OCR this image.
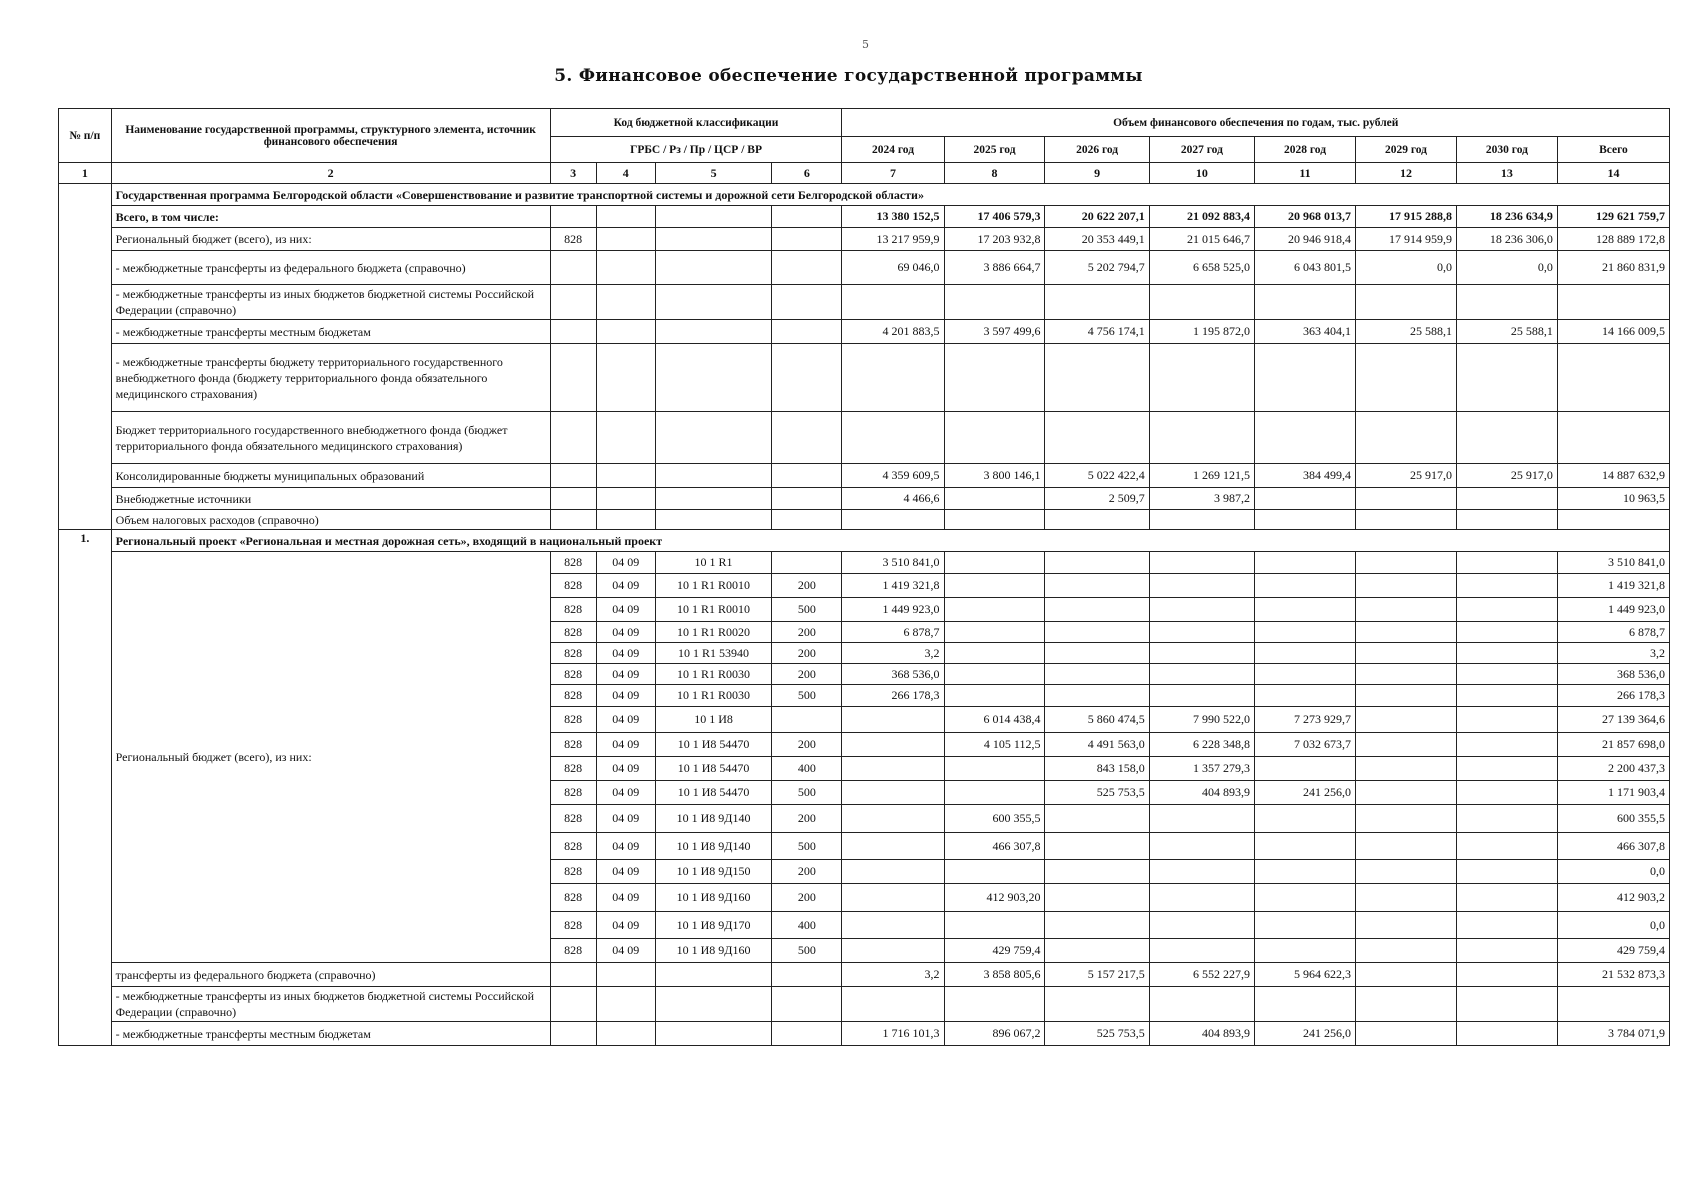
5
5. Финансовое обеспечение государственной программы
№ п/п	Наименование государственной программы, структурного элемента, источник финансового обеспечения	Код бюджетной классификации				Объем финансового обеспечения по годам, тыс. рублей							
		ГРБС / Рз / Пр / ЦСР / ВР				2024 год	2025 год	2026 год	2027 год	2028 год	2029 год	2030 год	Всего
1	2	3	4	5	6	7	8	9	10	11	12	13	14
	Государственная программа Белгородской области «Совершенствование и развитие транспортной системы и дорожной сети Белгородской области»												
	Всего, в том числе:					13 380 152,5	17 406 579,3	20 622 207,1	21 092 883,4	20 968 013,7	17 915 288,8	18 236 634,9	129 621 759,7
	Региональный бюджет (всего), из них:	828				13 217 959,9	17 203 932,8	20 353 449,1	21 015 646,7	20 946 918,4	17 914 959,9	18 236 306,0	128 889 172,8
	- межбюджетные трансферты из федерального бюджета (справочно)					69 046,0	3 886 664,7	5 202 794,7	6 658 525,0	6 043 801,5	0,0	0,0	21 860 831,9
	- межбюджетные трансферты из иных бюджетов бюджетной системы Российской Федерации (справочно)												
	- межбюджетные трансферты местным бюджетам					4 201 883,5	3 597 499,6	4 756 174,1	1 195 872,0	363 404,1	25 588,1	25 588,1	14 166 009,5
	- межбюджетные трансферты бюджету территориального государственного внебюджетного фонда (бюджету территориального фонда обязательного медицинского страхования)												
	Бюджет территориального государственного внебюджетного фонда (бюджет территориального фонда обязательного медицинского страхования)												
	Консолидированные бюджеты муниципальных образований					4 359 609,5	3 800 146,1	5 022 422,4	1 269 121,5	384 499,4	25 917,0	25 917,0	14 887 632,9
	Внебюджетные источники					4 466,6		2 509,7	3 987,2				10 963,5
	Объем налоговых расходов (справочно)												
1.	Региональный проект «Региональная и местная дорожная сеть», входящий в национальный проект												
	Региональный бюджет (всего), из них:	828	04 09	10 1 R1		3 510 841,0							3 510 841,0
		828	04 09	10 1 R1 R0010	200	1 419 321,8							1 419 321,8
		828	04 09	10 1 R1 R0010	500	1 449 923,0							1 449 923,0
		828	04 09	10 1 R1 R0020	200	6 878,7							6 878,7
		828	04 09	10 1 R1 53940	200	3,2							3,2
		828	04 09	10 1 R1 R0030	200	368 536,0							368 536,0
		828	04 09	10 1 R1 R0030	500	266 178,3							266 178,3
		828	04 09	10 1 И8			6 014 438,4	5 860 474,5	7 990 522,0	7 273 929,7			27 139 364,6
		828	04 09	10 1 И8 54470	200		4 105 112,5	4 491 563,0	6 228 348,8	7 032 673,7			21 857 698,0
		828	04 09	10 1 И8 54470	400			843 158,0	1 357 279,3				2 200 437,3
		828	04 09	10 1 И8 54470	500			525 753,5	404 893,9	241 256,0			1 171 903,4
		828	04 09	10 1 И8 9Д140	200		600 355,5						600 355,5
		828	04 09	10 1 И8 9Д140	500		466 307,8						466 307,8
		828	04 09	10 1 И8 9Д150	200								0,0
		828	04 09	10 1 И8 9Д160	200		412 903,20						412 903,2
		828	04 09	10 1 И8 9Д170	400								0,0
		828	04 09	10 1 И8 9Д160	500		429 759,4						429 759,4
	трансферты из федерального бюджета (справочно)					3,2	3 858 805,6	5 157 217,5	6 552 227,9	5 964 622,3			21 532 873,3
	- межбюджетные трансферты из иных бюджетов бюджетной системы Российской Федерации (справочно)												
	- межбюджетные трансферты местным бюджетам					1 716 101,3	896 067,2	525 753,5	404 893,9	241 256,0			3 784 071,9
